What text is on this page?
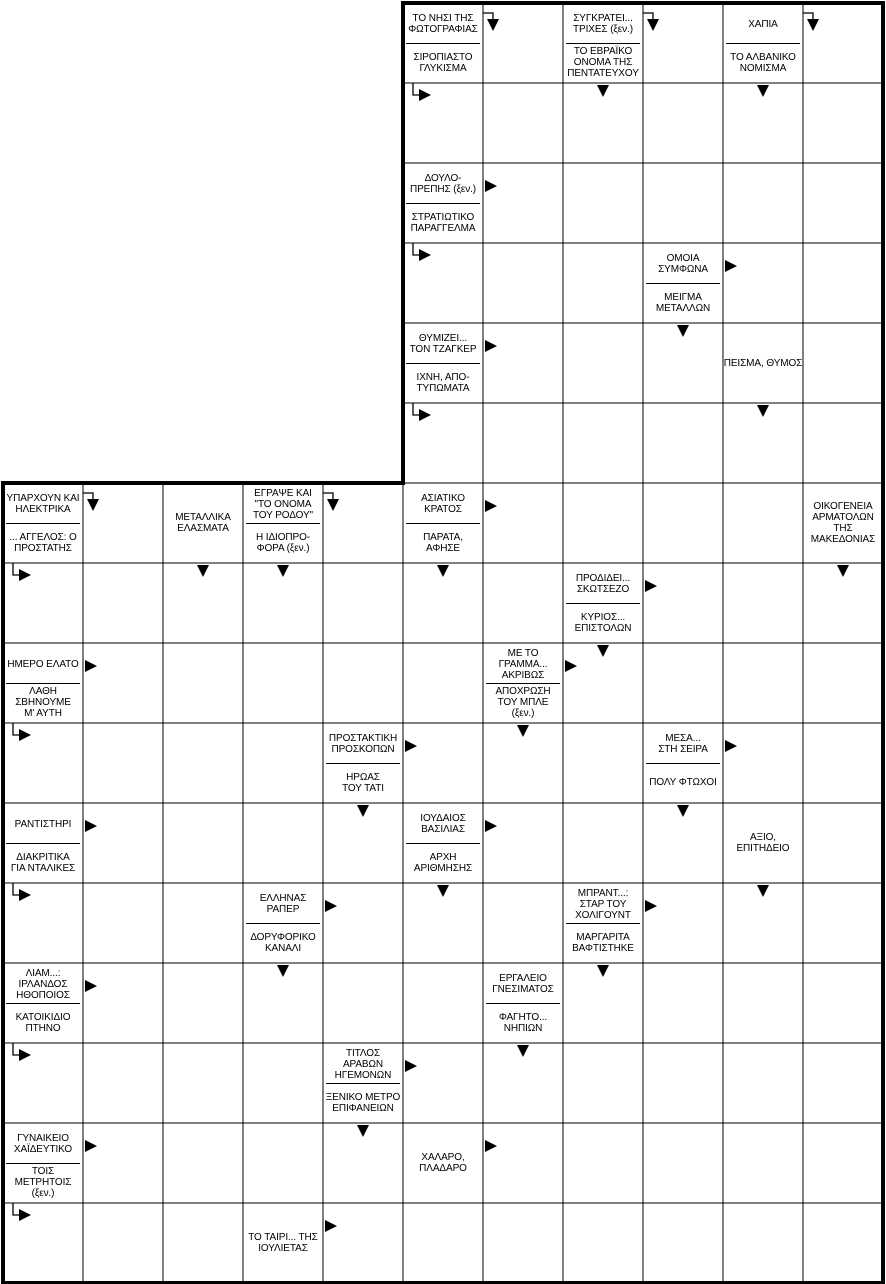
ΤΟ ΝΗΣΙ ΤΗΣ
ΦΩΤΟΓΡΑΦΙΑΣ
ΣΙΡΟΠΙΑΣΤΟ
ΓΛΥΚΙΣΜΑ
ΣΥΓΚΡΑΤΕΙ...
ΤΡΙΧΕΣ (ξεν.)
ΤΟ ΕΒΡΑΪΚΟ
ΟΝΟΜΑ ΤΗΣ
ΠΕΝΤΑΤΕΥΧΟΥ
ΧΑΠΙΑ
ΤΟ ΑΛΒΑΝΙΚΟ
ΝΟΜΙΣΜΑ
ΔΟΥΛΟ-
ΠΡΕΠΗΣ (ξεν.)
ΣΤΡΑΤΙΩΤΙΚΟ
ΠΑΡΑΓΓΕΛΜΑ
ΟΜΟΙΑ
ΣΥΜΦΩΝΑ
ΜΕΙΓΜΑ
ΜΕΤΑΛΛΩΝ
ΘΥΜΙΖΕΙ...
ΤΟΝ ΤΖΑΓΚΕΡ
ΙΧΝΗ, ΑΠΟ-
ΤΥΠΩΜΑΤΑ
ΠΕΙΣΜΑ, ΘΥΜΟΣ
ΥΠΑΡΧΟΥΝ ΚΑΙ
ΗΛΕΚΤΡΙΚΑ
... ΑΓΓΕΛΟΣ: Ο
ΠΡΟΣΤΑΤΗΣ
ΜΕΤΑΛΛΙΚΑ
ΕΛΑΣΜΑΤΑ
ΕΓΡΑΨΕ ΚΑΙ
"ΤΟ ΟΝΟΜΑ
ΤΟΥ ΡΟΔΟΥ"
Η ΙΔΙΟΠΡΟ-
ΦΟΡΑ (ξεν.)
ΑΣΙΑΤΙΚΟ
ΚΡΑΤΟΣ
ΠΑΡΑΤΑ,
ΑΦΗΣΕ
ΟΙΚΟΓΕΝΕΙΑ
ΑΡΜΑΤΟΛΩΝ
ΤΗΣ
ΜΑΚΕΔΟΝΙΑΣ
ΠΡΟΔΙΔΕΙ...
ΣΚΩΤΣΕΖΟ
ΚΥΡΙΟΣ...
ΕΠΙΣΤΟΛΩΝ
ΗΜΕΡΟ ΕΛΑΤΟ
ΛΑΘΗ
ΣΒΗΝΟΥΜΕ
Μ' ΑΥΤΗ
ΜΕ ΤΟ
ΓΡΑΜΜΑ...
ΑΚΡΙΒΩΣ
ΑΠΟΧΡΩΣΗ
ΤΟΥ ΜΠΛΕ
(ξεν.)
ΠΡΟΣΤΑΚΤΙΚΗ
ΠΡΟΣΚΟΠΩΝ
ΗΡΩΑΣ
ΤΟΥ ΤΑΤΙ
ΜΕΣΑ...
ΣΤΗ ΣΕΙΡΑ
ΠΟΛΥ ΦΤΩΧΟΙ
ΡΑΝΤΙΣΤΗΡΙ
ΔΙΑΚΡΙΤΙΚΑ
ΓΙΑ ΝΤΑΛΙΚΕΣ
ΙΟΥΔΑΙΟΣ
ΒΑΣΙΛΙΑΣ
ΑΡΧΗ
ΑΡΙΘΜΗΣΗΣ
ΑΞΙΟ,
ΕΠΙΤΗΔΕΙΟ
ΕΛΛΗΝΑΣ
ΡΑΠΕΡ
ΔΟΡΥΦΟΡΙΚΟ
ΚΑΝΑΛΙ
ΜΠΡΑΝΤ...:
ΣΤΑΡ ΤΟΥ
ΧΟΛΙΓΟΥΝΤ
ΜΑΡΓΑΡΙΤΑ
ΒΑΦΤΙΣΤΗΚΕ
ΛΙΑΜ...:
ΙΡΛΑΝΔΟΣ
ΗΘΟΠΟΙΟΣ
ΚΑΤΟΙΚΙΔΙΟ
ΠΤΗΝΟ
ΕΡΓΑΛΕΙΟ
ΓΝΕΣΙΜΑΤΟΣ
ΦΑΓΗΤΟ...
ΝΗΠΙΩΝ
ΤΙΤΛΟΣ
ΑΡΑΒΩΝ
ΗΓΕΜΟΝΩΝ
ΞΕΝΙΚΟ ΜΕΤΡΟ
ΕΠΙΦΑΝΕΙΩΝ
ΓΥΝΑΙΚΕΙΟ
ΧΑΪΔΕΥΤΙΚΟ
ΤΟΙΣ
ΜΕΤΡΗΤΟΙΣ
(ξεν.)
ΧΑΛΑΡΟ,
ΠΛΑΔΑΡΟ
ΤΟ ΤΑΙΡΙ... ΤΗΣ
ΙΟΥΛΙΕΤΑΣ
